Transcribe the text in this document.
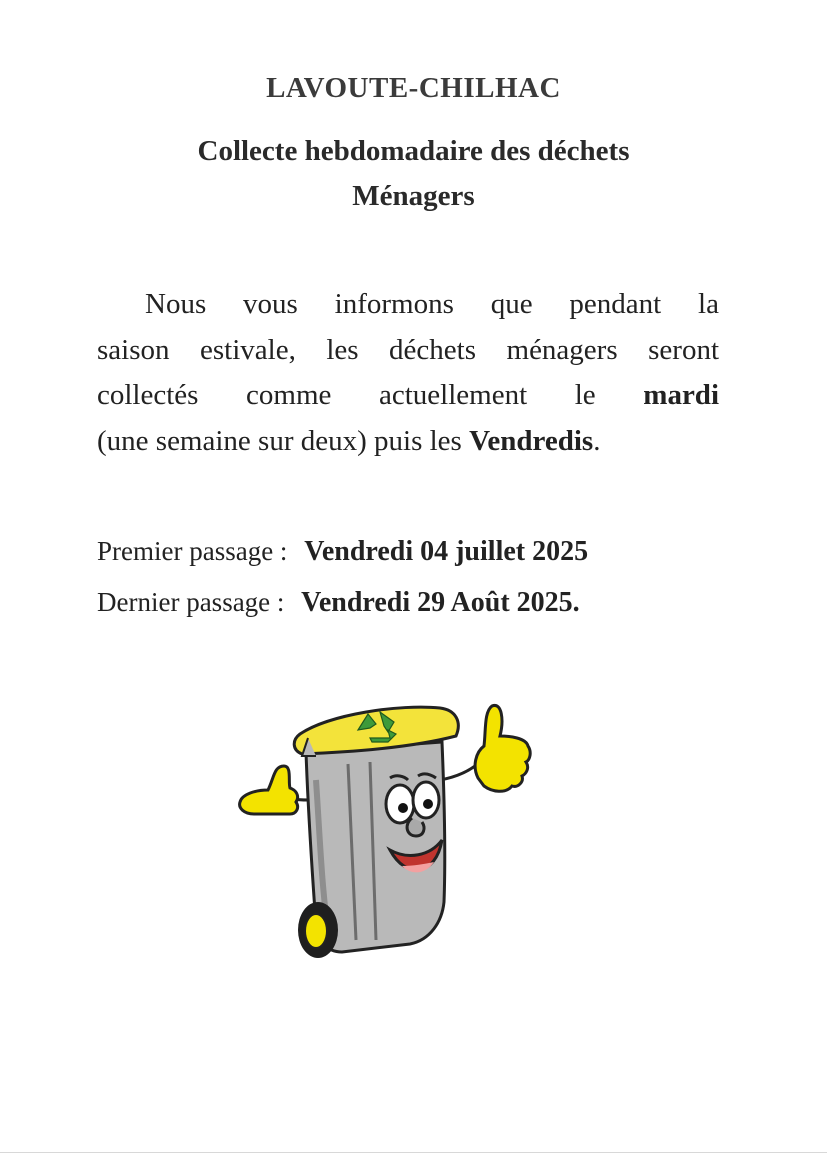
LAVOUTE-CHILHAC
Collecte hebdomadaire des déchets
Ménagers

Nous vous informons que pendant la
saison estivale, les déchets ménagers seront
collectés comme actuellement le mardi
(une semaine sur deux) puis les Vendredis.

Premier passage : Vendredi 04 juillet 2025
Dernier passage : Vendredi 29 Août 2025.
